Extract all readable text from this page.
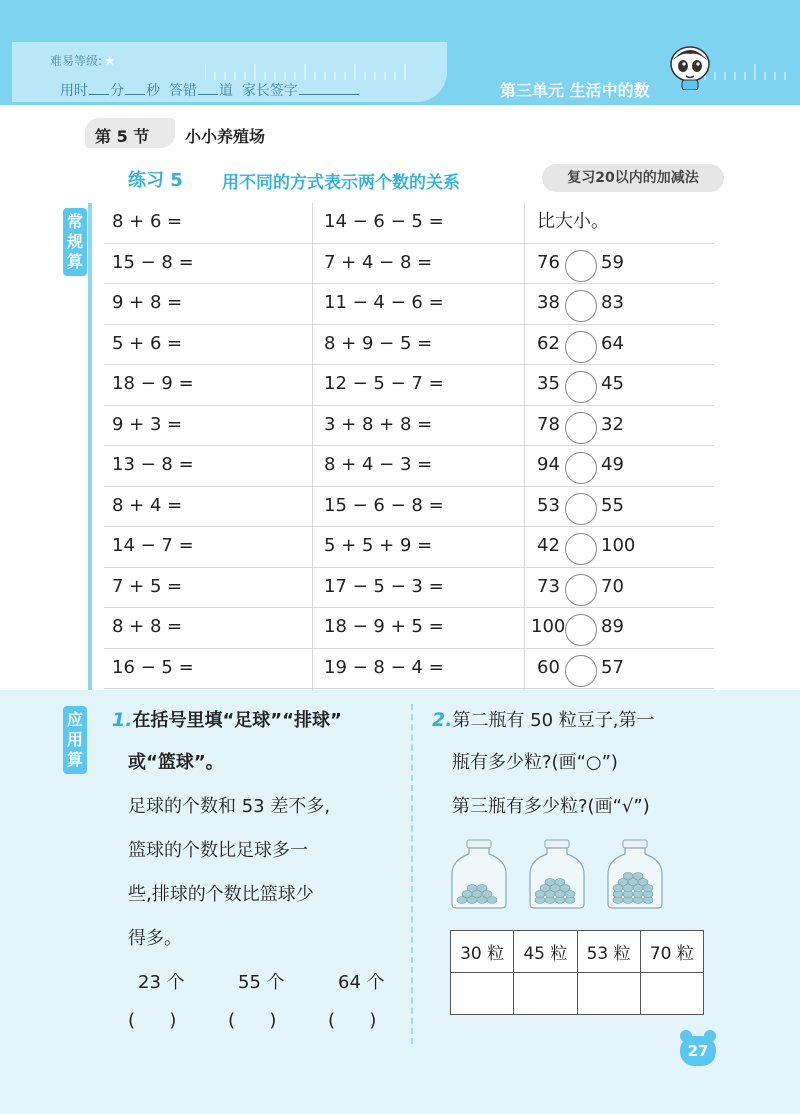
难易等级: ★
用时 分 秒 答错 道 家长签字	第三单元 生活中的数
第 5 节 小小养殖场
练习 5 用不同的方式表示两个数的关系	复习20以内的加减法
常规算
8 + 6 =	14 − 6 − 5 =	比大小。
15 − 8 =	7 + 4 − 8 =	76	59
9 + 8 =	11 − 4 − 6 =	38	83
5 + 6 =	8 + 9 − 5 =	62	64
18 − 9 =	12 − 5 − 7 =	35	45
9 + 3 =	3 + 8 + 8 =	78	32
13 − 8 =	8 + 4 − 3 =	94	49
8 + 4 =	15 − 6 − 8 =	53	55
14 − 7 =	5 + 5 + 9 =	42	100
7 + 5 =	17 − 5 − 3 =	73	70
8 + 8 =	18 − 9 + 5 =	100 89
16 − 5 =	19 − 8 − 4 =	60	57
应用算
1.在括号里填“足球”“排球”
或“篮球”。
足球的个数和 53 差不多,
篮球的个数比足球多一
些,排球的个数比篮球少
得多。
23 个	55 个	64 个
(      )	(      )	(      )
2.第二瓶有 50 粒豆子,第一
瓶有多少粒?(画“○”)
第三瓶有多少粒?(画“√”)
30 粒	45 粒	53 粒	70 粒

27
